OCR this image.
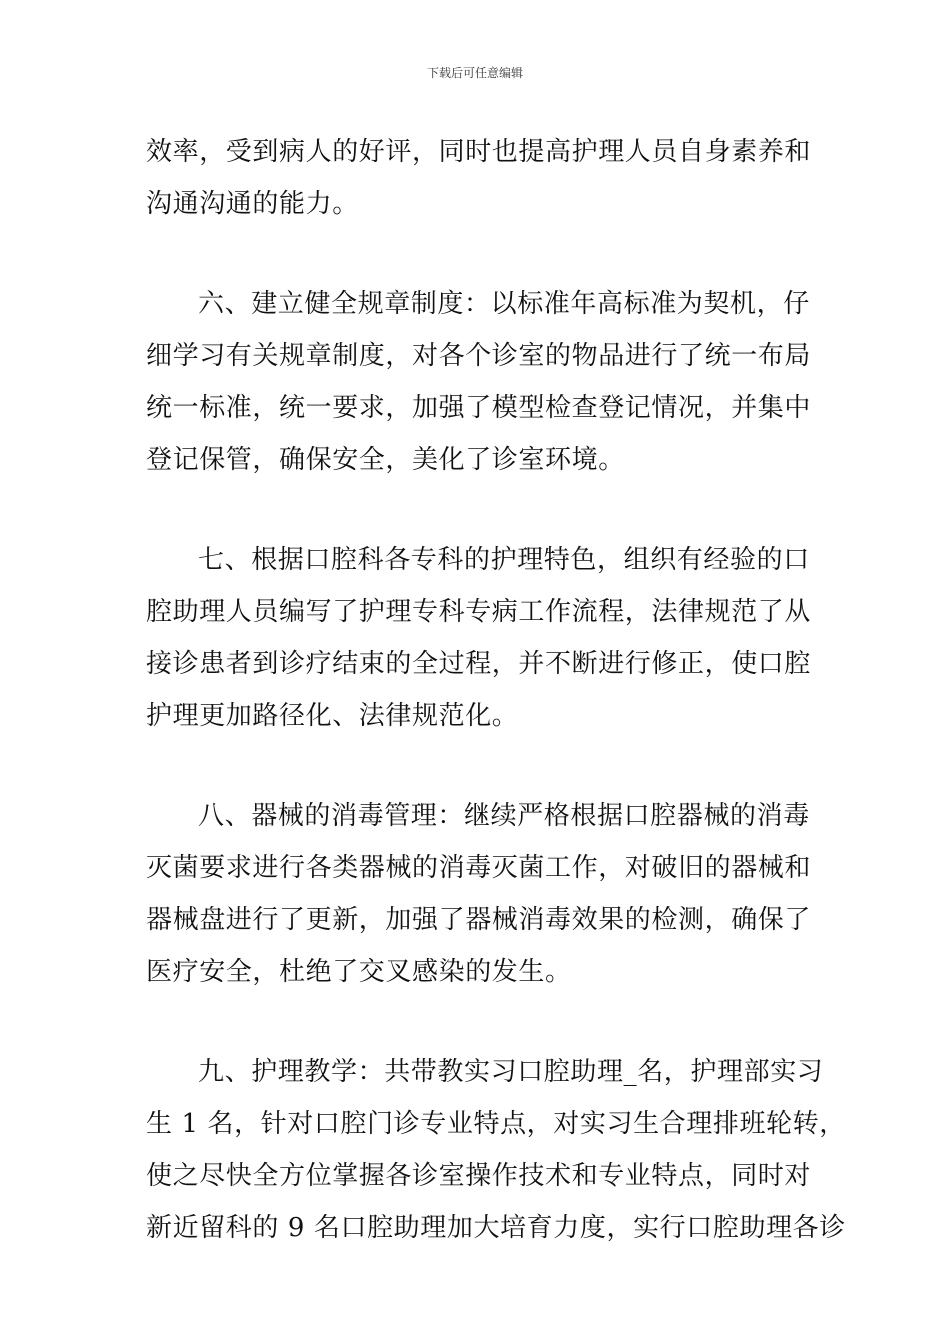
下载后可任意编辑
效率，受到病人的好评，同时也提高护理人员自身素养和
沟通沟通的能力。
六、建立健全规章制度：以标准年高标准为契机，仔
细学习有关规章制度，对各个诊室的物品进行了统一布局
统一标准，统一要求，加强了模型检查登记情况，并集中
登记保管，确保安全，美化了诊室环境。
七、根据口腔科各专科的护理特色，组织有经验的口
腔助理人员编写了护理专科专病工作流程，法律规范了从
接诊患者到诊疗结束的全过程，并不断进行修正，使口腔
护理更加路径化、法律规范化。
八、器械的消毒管理：继续严格根据口腔器械的消毒
灭菌要求进行各类器械的消毒灭菌工作，对破旧的器械和
器械盘进行了更新，加强了器械消毒效果的检测，确保了
医疗安全，杜绝了交叉感染的发生。
九、护理教学：共带教实习口腔助理_名，护理部实习
生 1 名，针对口腔门诊专业特点，对实习生合理排班轮转，
使之尽快全方位掌握各诊室操作技术和专业特点，同时对
新近留科的 9 名口腔助理加大培育力度，实行口腔助理各诊
